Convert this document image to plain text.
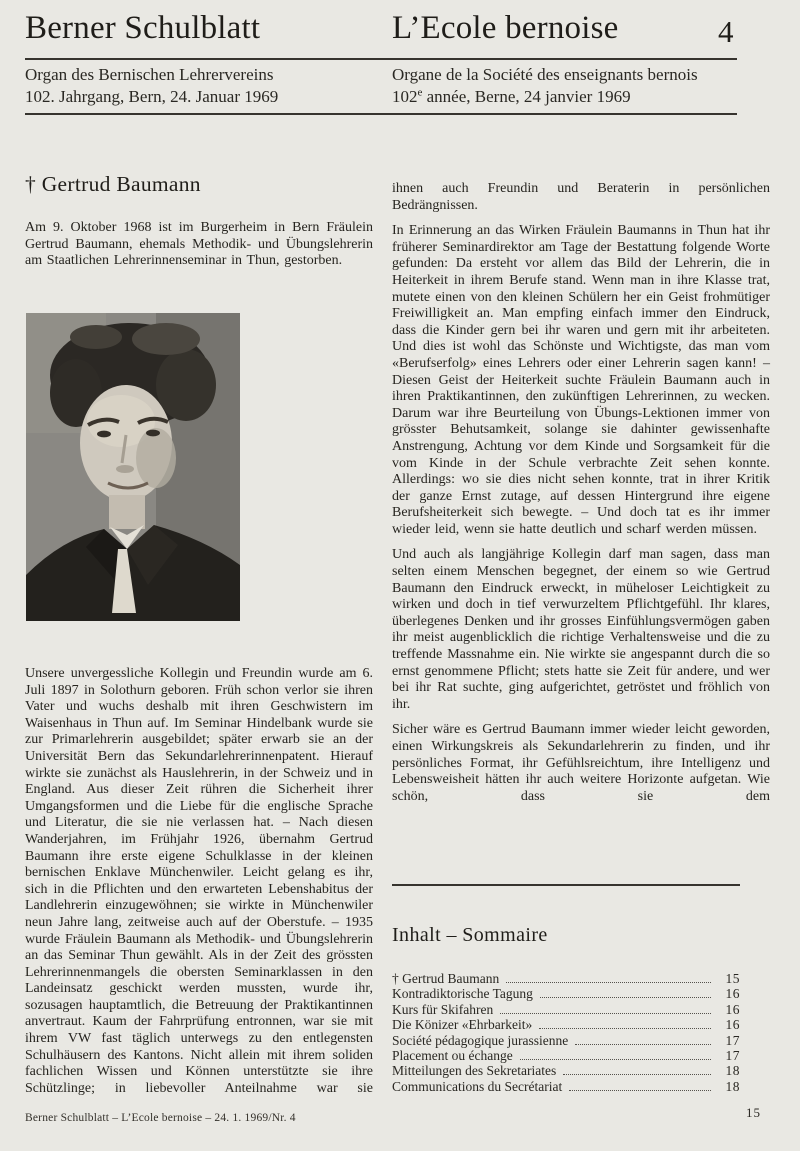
Berner Schulblatt	L’Ecole bernoise	4
Organ des Bernischen Lehrervereins
102. Jahrgang, Bern, 24. Januar 1969
Organe de la Société des enseignants bernois
102e année, Berne, 24 janvier 1969
† Gertrud Baumann

Am 9. Oktober 1968 ist im Burgerheim in Bern Fräulein Gertrud Baumann, ehemals Methodik- und Übungslehrerin am Staatlichen Lehrerinnenseminar in Thun, gestorben.

Unsere unvergessliche Kollegin und Freundin wurde am 6. Juli 1897 in Solothurn geboren. Früh schon verlor sie ihren Vater und wuchs deshalb mit ihren Geschwistern im Waisenhaus in Thun auf. Im Seminar Hindelbank wurde sie zur Primarlehrerin ausgebildet; später erwarb sie an der Universität Bern das Sekundarlehrerinnenpatent. Hierauf wirkte sie zunächst als Hauslehrerin, in der Schweiz und in England. Aus dieser Zeit rühren die Sicherheit ihrer Umgangsformen und die Liebe für die englische Sprache und Literatur, die sie nie verlassen hat. – Nach diesen Wanderjahren, im Frühjahr 1926, übernahm Gertrud Baumann ihre erste eigene Schulklasse in der kleinen bernischen Enklave Münchenwiler. Leicht gelang es ihr, sich in die Pflichten und den erwarteten Lebenshabitus der Landlehrerin einzugewöhnen; sie wirkte in Münchenwiler neun Jahre lang, zeitweise auch auf der Oberstufe. – 1935 wurde Fräulein Baumann als Methodik- und Übungslehrerin an das Seminar Thun gewählt. Als in der Zeit des grössten Lehrerinnenmangels die obersten Seminarklassen in den Landeinsatz geschickt werden mussten, wurde ihr, sozusagen hauptamtlich, die Betreuung der Praktikantinnen anvertraut. Kaum der Fahrprüfung entronnen, war sie mit ihrem VW fast täglich unterwegs zu den entlegensten Schulhäusern des Kantons. Nicht allein mit ihrem soliden fachlichen Wissen und Können unterstützte sie ihre Schützlinge; in liebevoller Anteilnahme war sie

ihnen auch Freundin und Beraterin in persönlichen Bedrängnissen.

In Erinnerung an das Wirken Fräulein Baumanns in Thun hat ihr früherer Seminardirektor am Tage der Bestattung folgende Worte gefunden: Da ersteht vor allem das Bild der Lehrerin, die in Heiterkeit in ihrem Berufe stand. Wenn man in ihre Klasse trat, mutete einen von den kleinen Schülern her ein Geist frohmütiger Freiwilligkeit an. Man empfing einfach immer den Eindruck, dass die Kinder gern bei ihr waren und gern mit ihr arbeiteten. Und dies ist wohl das Schönste und Wichtigste, das man vom «Berufserfolg» eines Lehrers oder einer Lehrerin sagen kann! – Diesen Geist der Heiterkeit suchte Fräulein Baumann auch in ihren Praktikantinnen, den zukünftigen Lehrerinnen, zu wecken. Darum war ihre Beurteilung von Übungs-Lektionen immer von grösster Behutsamkeit, solange sie dahinter gewissenhafte Anstrengung, Achtung vor dem Kinde und Sorgsamkeit für die vom Kinde in der Schule verbrachte Zeit sehen konnte. Allerdings: wo sie dies nicht sehen konnte, trat in ihrer Kritik der ganze Ernst zutage, auf dessen Hintergrund ihre eigene Berufsheiterkeit sich bewegte. – Und doch tat es ihr immer wieder leid, wenn sie hatte deutlich und scharf werden müssen.

Und auch als langjährige Kollegin darf man sagen, dass man selten einem Menschen begegnet, der einem so wie Gertrud Baumann den Eindruck erweckt, in müheloser Leichtigkeit zu wirken und doch in tief verwurzeltem Pflichtgefühl. Ihr klares, überlegenes Denken und ihr grosses Einfühlungsvermögen gaben ihr meist augenblicklich die richtige Verhaltensweise und die zu treffende Massnahme ein. Nie wirkte sie angespannt durch die so ernst genommene Pflicht; stets hatte sie Zeit für andere, und wer bei ihr Rat suchte, ging aufgerichtet, getröstet und fröhlich von ihr.

Sicher wäre es Gertrud Baumann immer wieder leicht geworden, einen Wirkungskreis als Sekundarlehrerin zu finden, und ihr persönliches Format, ihr Gefühlsreichtum, ihre Intelligenz und Lebensweisheit hätten ihr auch weitere Horizonte aufgetan. Wie schön, dass sie dem

Inhalt – Sommaire
† Gertrud Baumann	15
Kontradiktorische Tagung	16
Kurs für Skifahren	16
Die Könizer «Ehrbarkeit»	16
Société pédagogique jurassienne	17
Placement ou échange	17
Mitteilungen des Sekretariates	18
Communications du Secrétariat	18
Berner Schulblatt – L’Ecole bernoise – 24. 1. 1969/Nr. 4	15
